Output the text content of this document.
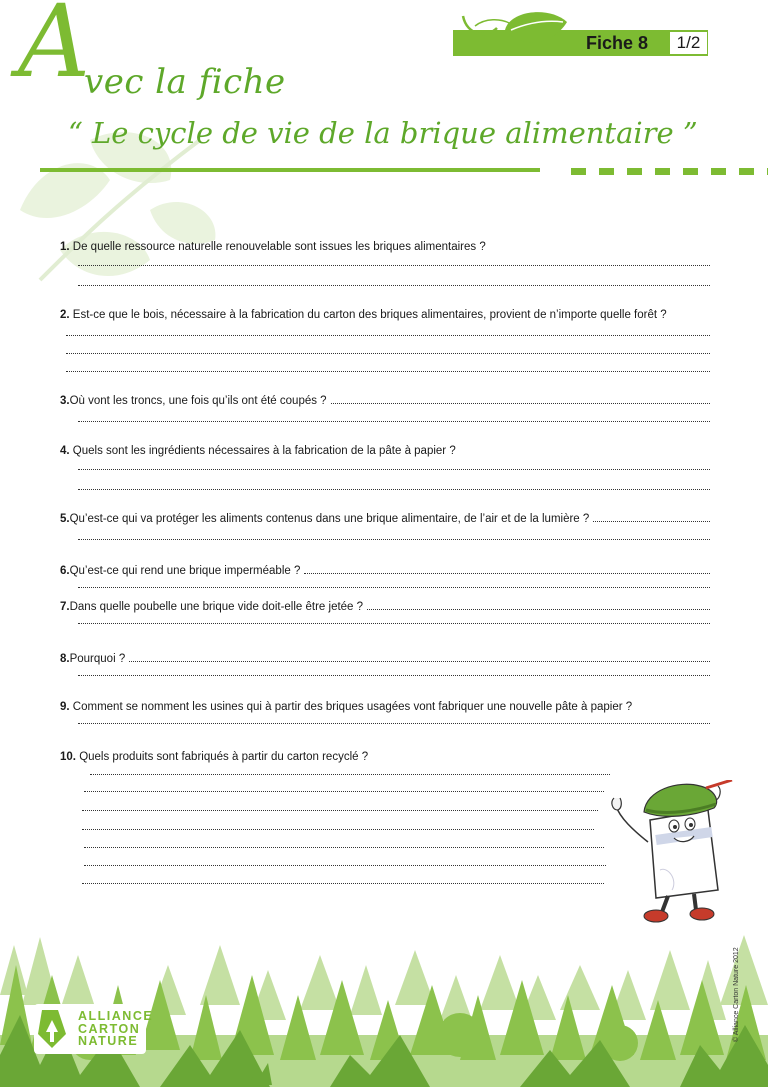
A
vec la fiche
“ Le cycle de vie de la brique alimentaire ”
Fiche 8	1/2
1. De quelle ressource naturelle renouvelable sont issues les briques alimentaires ?
2. Est-ce que le bois, nécessaire à la fabrication du carton des briques alimentaires, provient de n’importe quelle forêt ?
3. Où vont les troncs, une fois qu’ils ont été coupés ?
4. Quels sont les ingrédients nécessaires à la fabrication de la pâte à papier ?
5. Qu’est-ce qui va protéger les aliments contenus dans une brique alimentaire, de l’air et de la lumière ?
6. Qu’est-ce qui rend une brique imperméable ?
7. Dans quelle poubelle une brique vide doit-elle être jetée ?
8. Pourquoi ?
9. Comment se nomment les usines qui à partir des briques usagées vont fabriquer une nouvelle pâte à papier ?
10. Quels produits sont fabriqués à partir du carton recyclé ?
ALLIANCE
CARTON
NATURE	© Alliance Carton Nature 2012
